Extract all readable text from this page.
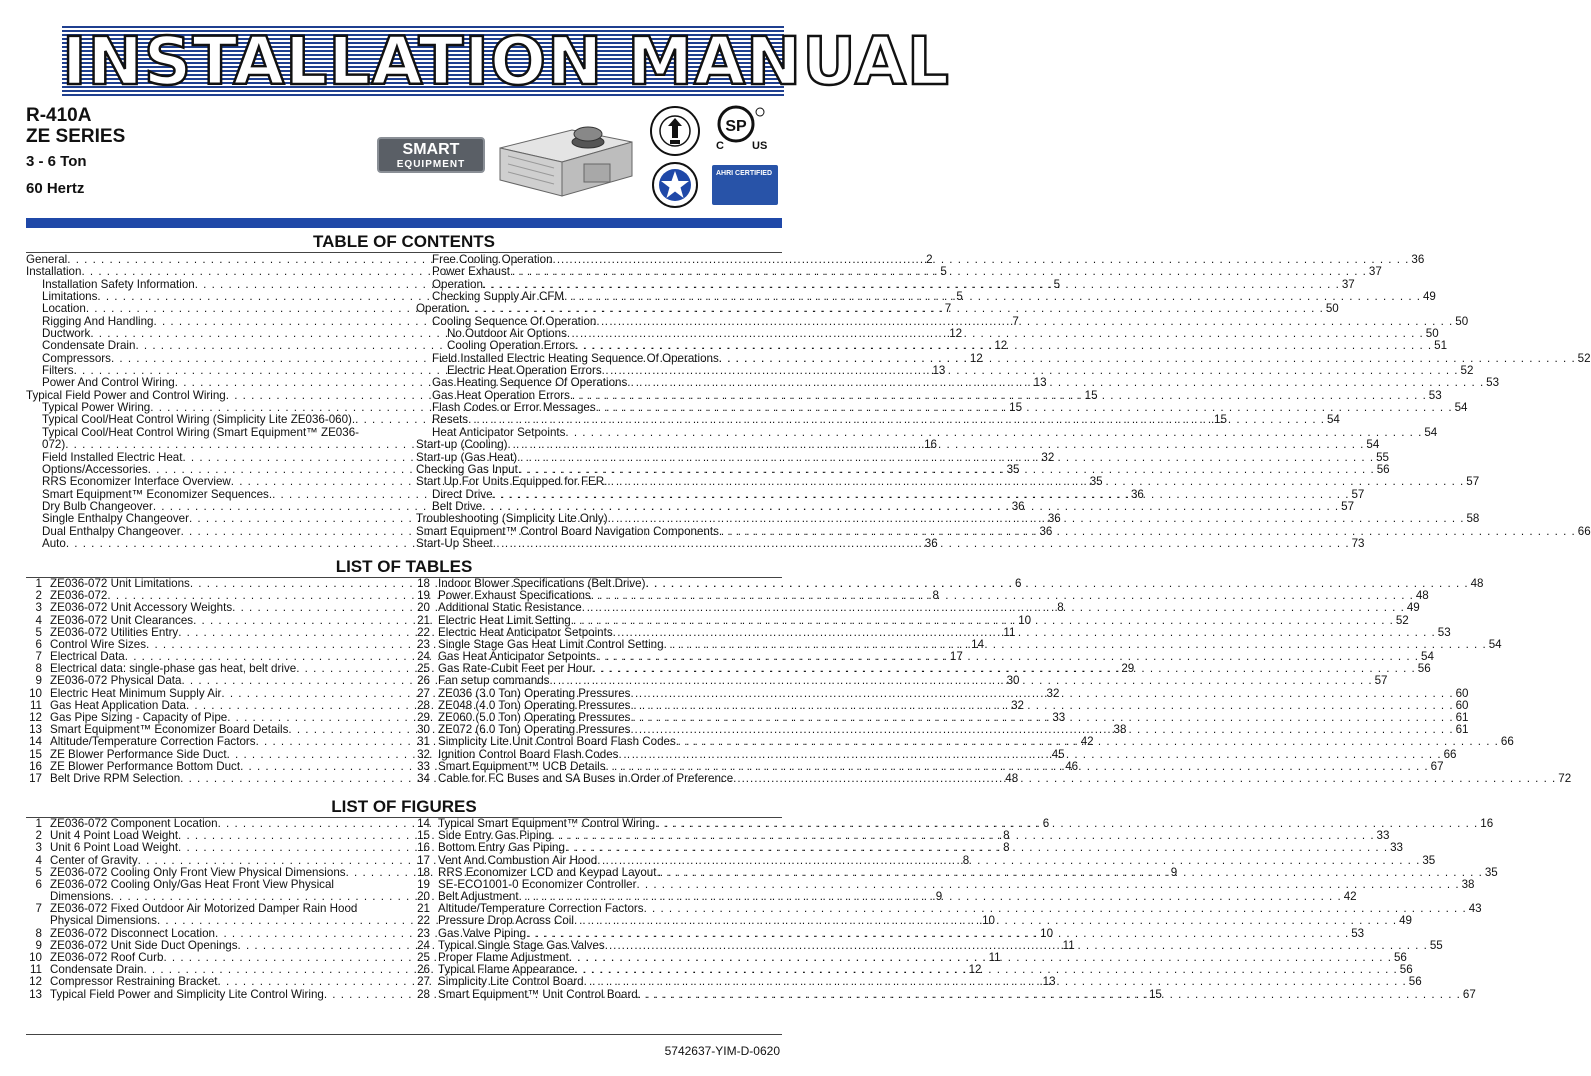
INSTALLATION MANUAL
R-410A
ZE SERIES
3 - 6 Ton
60 Hertz
SMART
EQUIPMENT
SP
C	US
AHRI CERTIFIED
TABLE OF CONTENTS
General . . .	2
Installation . . .	5
Installation Safety Information . . .	5
Limitations . . .	5
Location . . .	7
Rigging And Handling . . .	7
Ductwork . . .	12
Condensate Drain . . .	12
Compressors . . .	12
Filters . . .	13
Power And Control Wiring . . .	13
Typical Field Power and Control Wiring . . .	15
Typical Power Wiring . . .	15
Typical Cool/Heat Control Wiring (Simplicity Lite ZE036-060). . . .	15
Typical Cool/Heat Control Wiring (Smart Equipment™ ZE036-
072) . . .	16
Field Installed Electric Heat . . .	32
Options/Accessories . . .	35
RRS Economizer Interface Overview . . .	35
Smart Equipment™ Economizer Sequences. . . .	36
Dry Bulb Changeover . . .	36
Single Enthalpy Changeover . . .	36
Dual Enthalpy Changeover . . .	36
Auto . . .	36
Free Cooling Operation . . .	36
Power Exhaust . . .	37
Operation . . .	37
Checking Supply Air CFM . . .	49
Operation . . .	50
Cooling Sequence Of Operation . . .	50
No Outdoor Air Options . . .	50
Cooling Operation Errors . . .	51
Field Installed Electric Heating Sequence Of Operations . . .	52
Electric Heat Operation Errors . . .	52
Gas Heating Sequence Of Operations . . .	53
Gas Heat Operation Errors . . .	53
Flash Codes or Error Messages . . .	54
Resets . . .	54
Heat Anticipator Setpoints . . .	54
Start-up (Cooling) . . .	54
Start-up (Gas Heat) . . .	55
Checking Gas Input . . .	56
Start Up For Units Equipped for FER. . . .	57
Direct Drive . . .	57
Belt Drive . . .	57
Troubleshooting (Simplicity Lite Only) . . .	58
Smart Equipment™ Control Board Navigation Components . . .	66
Start-Up Sheet . . .	73
LIST OF TABLES
1 ZE036-072 Unit Limitations . . .	6
2 ZE036-072 . . .	8
3 ZE036-072 Unit Accessory Weights . . .	8
4 ZE036-072 Unit Clearances . . .	10
5 ZE036-072 Utilities Entry . . .	11
6 Control Wire Sizes . . .	14
7 Electrical Data . . .	17
8 Electrical data: single-phase gas heat, belt drive . . .	29
9 ZE036-072 Physical Data . . .	30
10 Electric Heat Minimum Supply Air . . .	32
11 Gas Heat Application Data . . .	32
12 Gas Pipe Sizing - Capacity of Pipe . . .	33
13 Smart Equipment™ Economizer Board Details . . .	38
14 Altitude/Temperature Correction Factors . . .	42
15 ZE Blower Performance Side Duct . . .	45
16 ZE Blower Performance Bottom Duct . . .	46
17 Belt Drive RPM Selection . . .	48
18 Indoor Blower Specifications (Belt Drive) . . .	48
19 Power Exhaust Specifications . . .	48
20 Additional Static Resistance . . .	49
21 Electric Heat Limit Setting . . .	52
22 Electric Heat Anticipator Setpoints . . .	53
23 Single Stage Gas Heat Limit Control Setting . . .	54
24 Gas Heat Anticipator Setpoints . . .	54
25 Gas Rate-Cubit Feet per Hour . . .	56
26 Fan setup commands . . .	57
27 ZE036 (3.0 Ton) Operating Pressures . . .	60
28 ZE048 (4.0 Ton) Operating Pressures . . .	60
29 ZE060 (5.0 Ton) Operating Pressures . . .	61
30 ZE072 (6.0 Ton) Operating Pressures . . .	61
31 Simplicity Lite Unit Control Board Flash Codes . . .	66
32 Ignition Control Board Flash Codes . . .	66
33 Smart Equipment™ UCB Details . . .	67
34 Cable for FC Buses and SA Buses in Order of Preference . . .	72
LIST OF FIGURES
1 ZE036-072 Component Location . . .	6
2 Unit 4 Point Load Weight . . .	8
3 Unit 6 Point Load Weight . . .	8
4 Center of Gravity . . .	8
5 ZE036-072 Cooling Only Front View Physical Dimensions . . .	9
6 ZE036-072 Cooling Only/Gas Heat Front View Physical
Dimensions . . .	9
7 ZE036-072 Fixed Outdoor Air Motorized Damper Rain Hood
Physical Dimensions . . .	10
8 ZE036-072 Disconnect Location . . .	10
9 ZE036-072 Unit Side Duct Openings . . .	11
10 ZE036-072 Roof Curb . . .	11
11 Condensate Drain . . .	12
12 Compressor Restraining Bracket . . .	13
13 Typical Field Power and Simplicity Lite Control Wiring . . .	15
14 Typical Smart Equipment™ Control Wiring . . .	16
15 Side Entry Gas Piping . . .	33
16 Bottom Entry Gas Piping . . .	33
17 Vent And Combustion Air Hood . . .	35
18 RRS Economizer LCD and Keypad Layout. . . .	35
19 SE-ECO1001-0 Economizer Controller . . .	38
20 Belt Adjustment . . .	42
21 Altitude/Temperature Correction Factors . . .	43
22 Pressure Drop Across Coil . . .	49
23 Gas Valve Piping . . .	53
24 Typical Single Stage Gas Valves . . .	55
25 Proper Flame Adjustment . . .	56
26 Typical Flame Appearance . . .	56
27 Simplicity Lite Control Board . . .	56
28 Smart Equipment™ Unit Control Board . . .	67
5742637-YIM-D-0620
